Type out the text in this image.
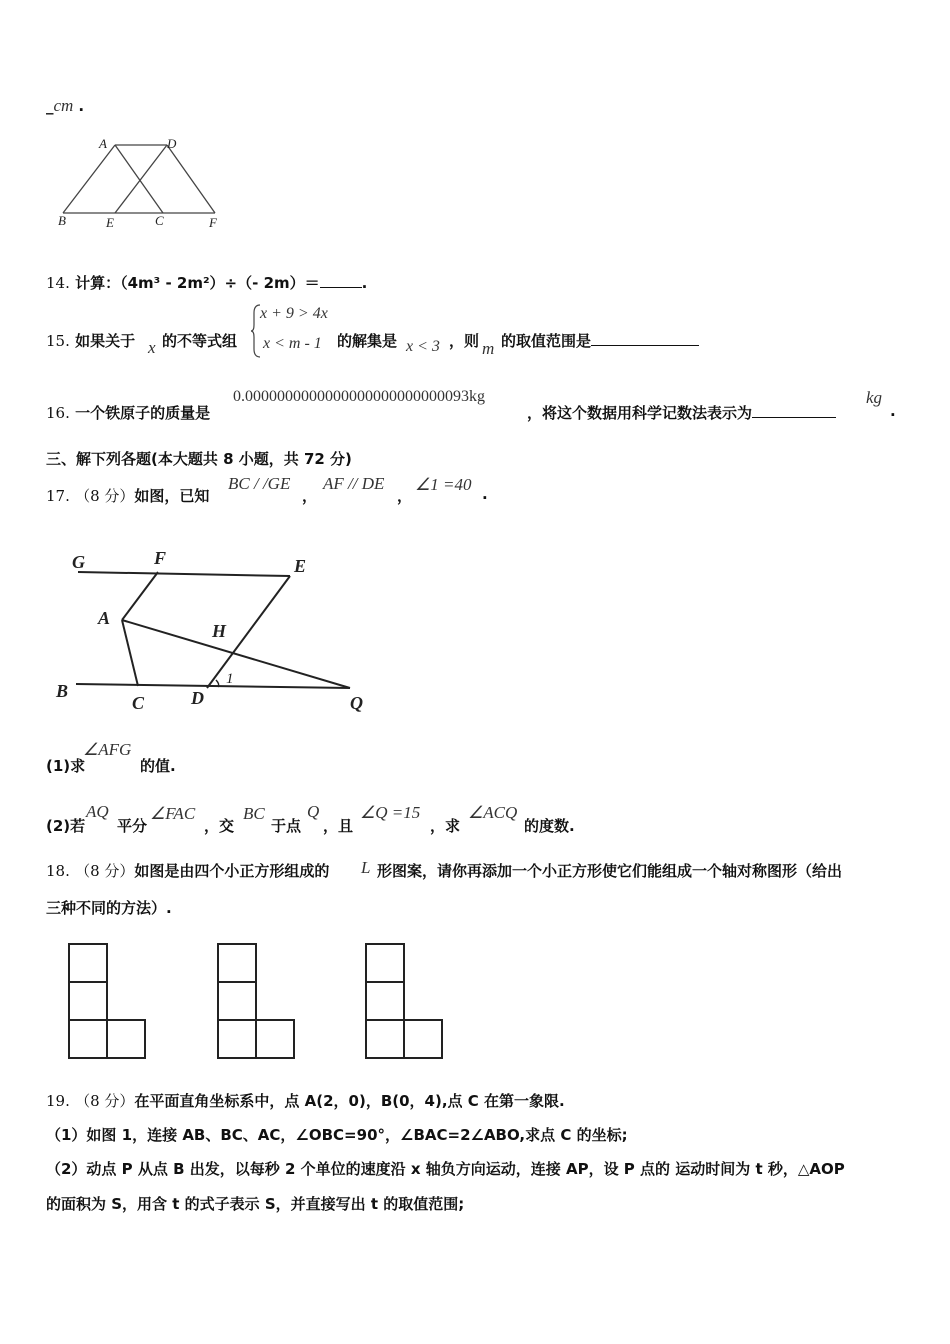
_cm .
A	D
B	E	C	F
14. 计算：（4m³ - 2m²）÷（- 2m）＝	.
15. 如果关于 x 的不等式组
x + 9 > 4x
x < m - 1 的解集是 x < 3 ，则 m 的取值范围是
16. 一个铁原子的质量是
0.0000000000000000000000000093kg
，将这个数据用科学记数法表示为
kg
.
三、解下列各题(本大题共 8 小题，共 72 分)
17. （8 分）如图，已知
BC / /GE
，
AF // DE
，
∠1 =40 .
G	F	E
A
H
B
C	D
1
Q
(1)求
∠AFG
的值.
(2)若
AQ
平分
∠FAC
，交
BC
于点
Q
，且
∠Q =15
，求
∠ACQ
的度数.
18. （8 分）如图是由四个小正方形组成的 L 形图案，请你再添加一个小正方形使它们能组成一个轴对称图形（给出
三种不同的方法）.
19. （8 分）在平面直角坐标系中，点 A(2，0)，B(0，4),点 C 在第一象限.
（1）如图 1，连接 AB、BC、AC，∠OBC=90°，∠BAC=2∠ABO,求点 C 的坐标;
（2）动点 P 从点 B 出发，以每秒 2 个单位的速度沿 x 轴负方向运动，连接 AP，设 P 点的 运动时间为 t 秒，△AOP
的面积为 S，用含 t 的式子表示 S，并直接写出 t 的取值范围;
